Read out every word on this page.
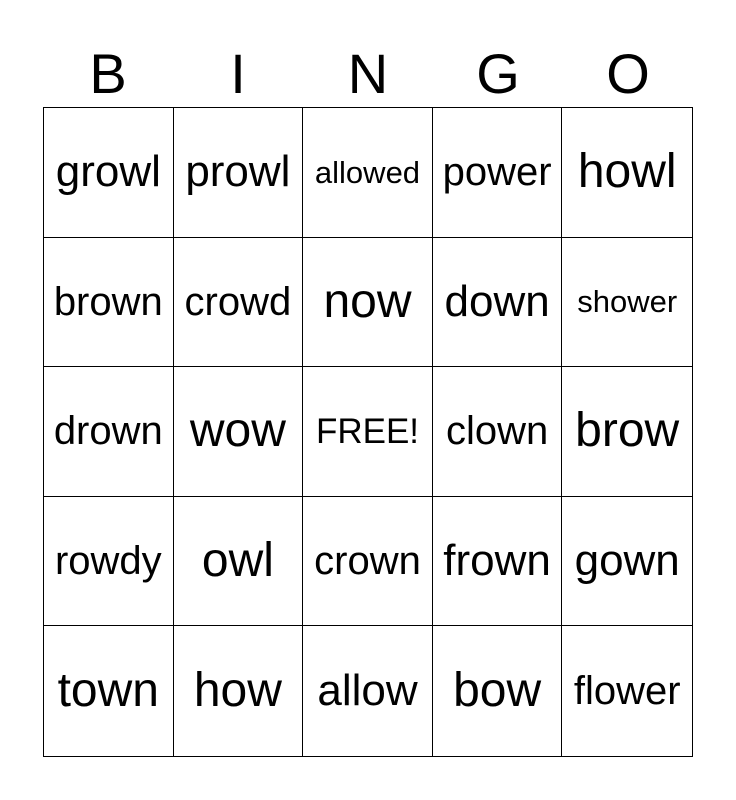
B	I	N	G	O
growl prowl allowed power howl
brown crowd now down shower
drown wow FREE! clown brow
rowdy owl	crown frown gown
town how allow bow flower
